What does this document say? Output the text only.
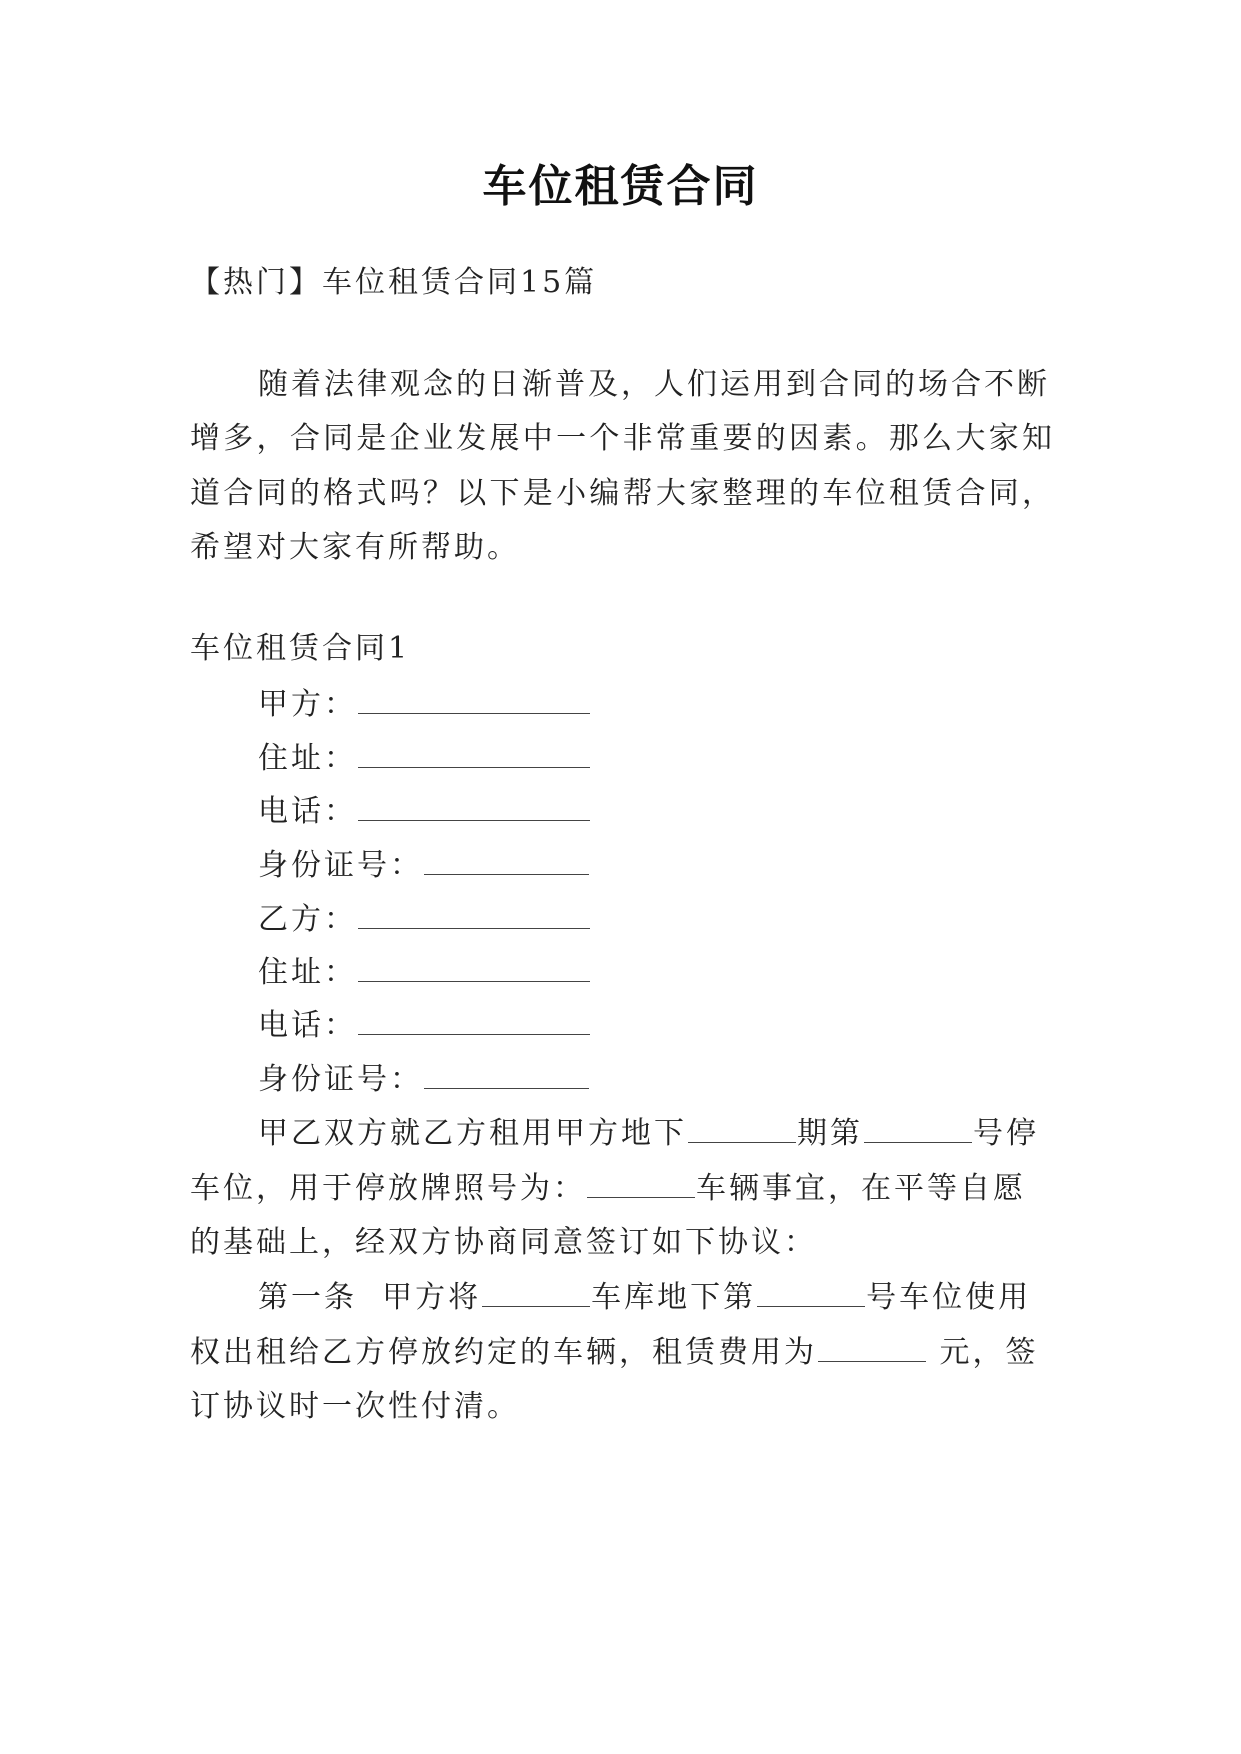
车位租赁合同
【热门】车位租赁合同15篇
随着法律观念的日渐普及，人们运用到合同的场合不断
增多，合同是企业发展中一个非常重要的因素。那么大家知
道合同的格式吗？以下是小编帮大家整理的车位租赁合同，
希望对大家有所帮助。
车位租赁合同1
甲方：
住址：
电话：
身份证号：
乙方：
住址：
电话：
身份证号：
甲乙双方就乙方租用甲方地下	期第	号停
车位，用于停放牌照号为：	车辆事宜，在平等自愿
的基础上，经双方协商同意签订如下协议：
第一条  甲方将	车库地下第	号车位使用
权出租给乙方停放约定的车辆，租赁费用为	元，签
订协议时一次性付清。
